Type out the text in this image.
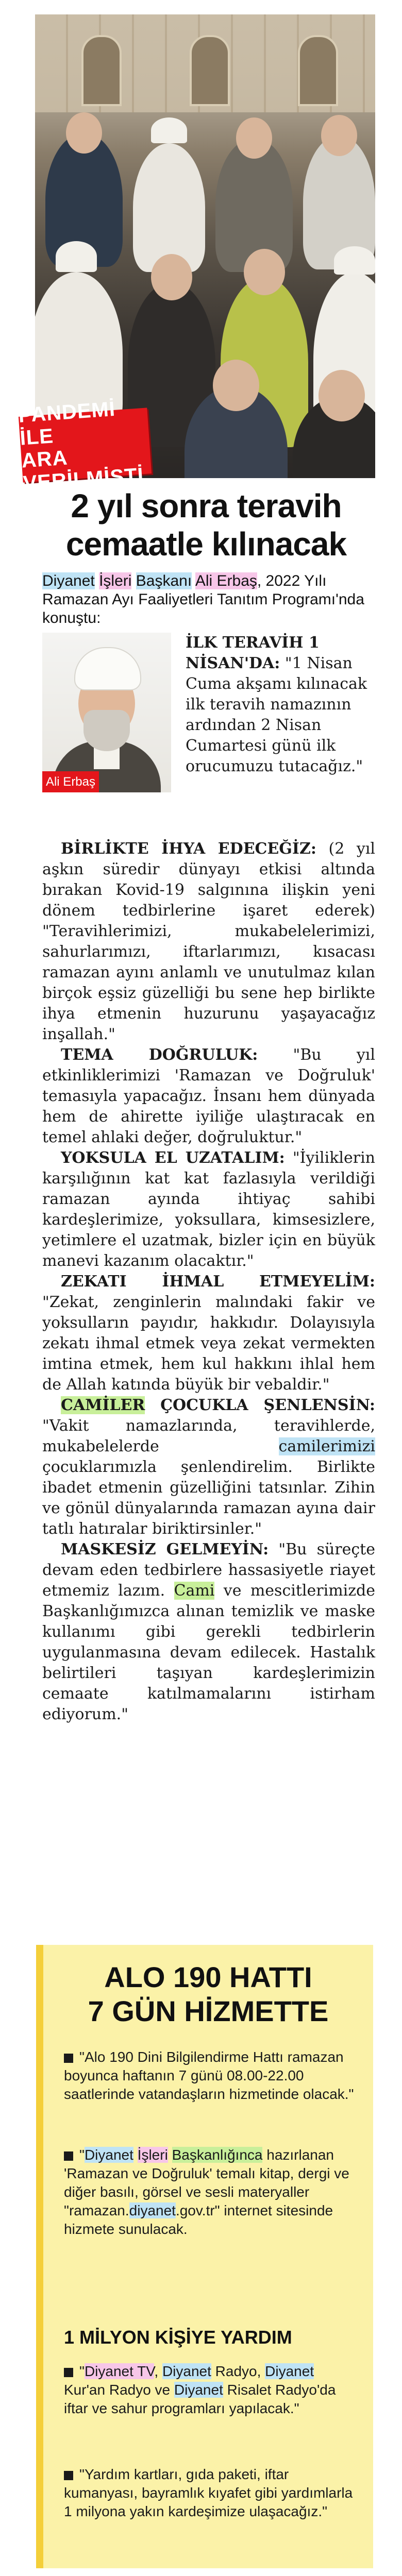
PANDEMİ İLE
ARA VERİLMİŞTİ
2 yıl sonra teravih
cemaatle kılınacak
Diyanet İşleri Başkanı Ali Erbaş, 2022 Yılı Ramazan Ayı Faaliyetleri Tanıtım Programı'nda konuştu:
Ali Erbaş
İLK TERAVİH 1 NİSAN'DA: "1 Nisan Cuma akşamı kılınacak ilk teravih namazının ardından 2 Nisan Cumartesi günü ilk orucumuzu tutacağız."

BİRLİKTE İHYA EDECEĞİZ: (2 yıl aşkın süredir dünyayı etkisi altında bırakan Kovid-19 salgınına ilişkin yeni dönem tedbirlerine işaret ederek) "Teravihlerimizi, mukabelelerimizi, sahurlarımızı, iftarlarımızı, kısacası ramazan ayını anlamlı ve unutulmaz kılan birçok eşsiz güzelliği bu sene hep birlikte ihya etmenin huzurunu yaşayacağız inşallah."

TEMA DOĞRULUK: "Bu yıl etkinliklerimizi 'Ramazan ve Doğruluk' temasıyla yapacağız. İnsanı hem dünyada hem de ahirette iyiliğe ulaştıracak en temel ahlaki değer, doğruluktur."

YOKSULA EL UZATALIM: "İyiliklerin karşılığının kat kat fazlasıyla verildiği ramazan ayında ihtiyaç sahibi kardeşlerimize, yoksullara, kimsesizlere, yetimlere el uzatmak, bizler için en büyük manevi kazanım olacaktır."

ZEKATI İHMAL ETMEYELİM: "Zekat, zenginlerin malındaki fakir ve yoksulların payıdır, hakkıdır. Dolayısıyla zekatı ihmal etmek veya zekat vermekten imtina etmek, hem kul hakkını ihlal hem de Allah katında büyük bir vebaldir."

CAMİLER ÇOCUKLA ŞENLENSİN: "Vakit namazlarında, teravihlerde, mukabelelerde camilerimizi çocuklarımızla şenlendirelim. Birlikte ibadet etmenin güzelliğini tatsınlar. Zihin ve gönül dünyalarında ramazan ayına dair tatlı hatıralar biriktirsinler."

MASKESİZ GELMEYİN: "Bu süreçte devam eden tedbirlere hassasiyetle riayet etmemiz lazım. Cami ve mescitlerimizde Başkanlığımızca alınan temizlik ve maske kullanımı gibi gerekli tedbirlerin uygulanmasına devam edilecek. Hastalık belirtileri taşıyan kardeşlerimizin cemaate katılmamalarını istirham ediyorum."

ALO 190 HATTI
7 GÜN HİZMETTE
"Alo 190 Dini Bilgilendirme Hattı ramazan boyunca haftanın 7 günü 08.00-22.00 saatlerinde vatandaşların hizmetinde olacak."
"Diyanet İşleri Başkanlığınca hazırlanan 'Ramazan ve Doğruluk' temalı kitap, dergi ve diğer basılı, görsel ve sesli materyaller "ramazan.diyanet.gov.tr" internet sitesinde hizmete sunulacak.
1 MİLYON KİŞİYE YARDIM
"Diyanet TV, Diyanet Radyo, Diyanet Kur'an Radyo ve Diyanet Risalet Radyo'da iftar ve sahur programları yapılacak."
"Yardım kartları, gıda paketi, iftar kumanyası, bayramlık kıyafet gibi yardımlarla 1 milyona yakın kardeşimize ulaşacağız."
